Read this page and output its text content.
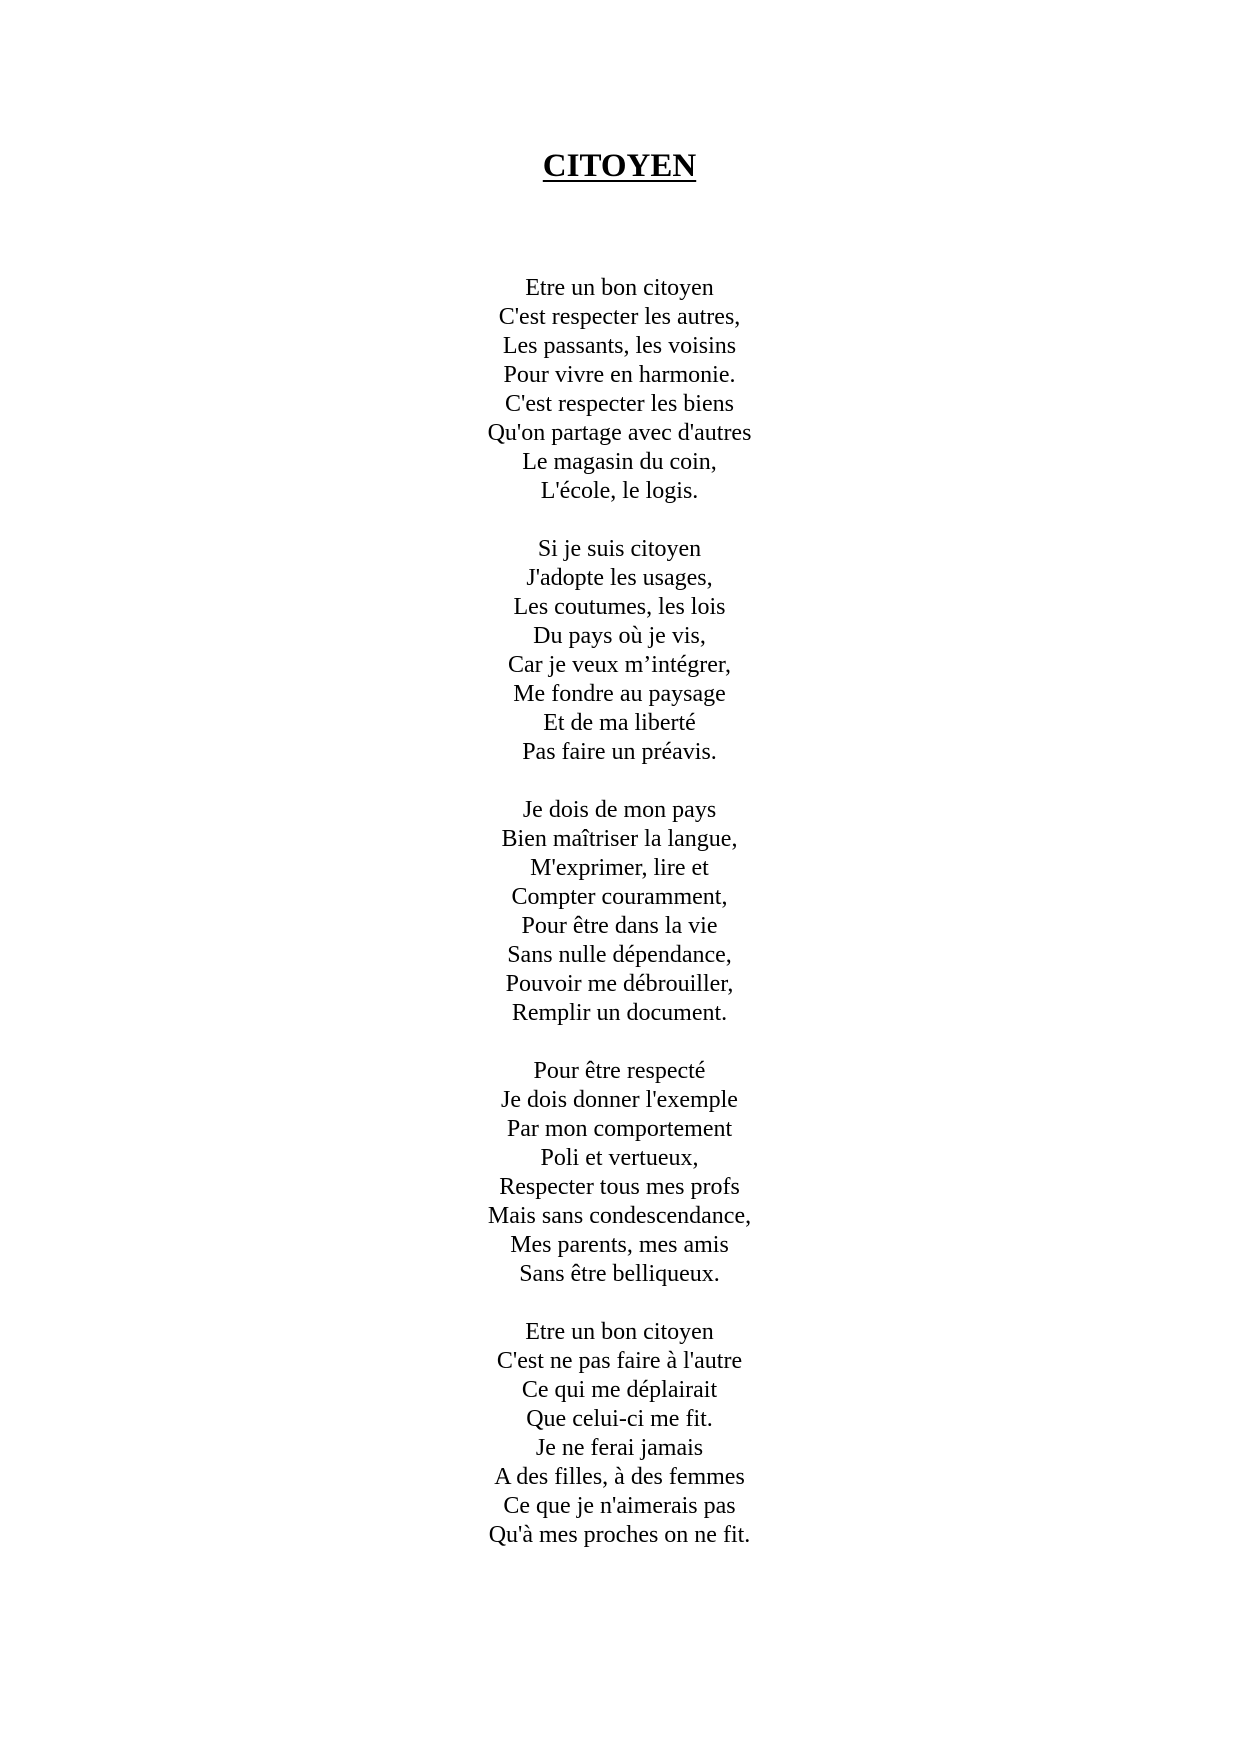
CITOYEN
Etre un bon citoyen
C'est respecter les autres,
Les passants, les voisins
Pour vivre en harmonie.
C'est respecter les biens
Qu'on partage avec d'autres
Le magasin du coin,
L'école, le logis.
Si je suis citoyen
J'adopte les usages,
Les coutumes, les lois
Du pays où je vis,
Car je veux m’intégrer,
Me fondre au paysage
Et de ma liberté
Pas faire un préavis.
Je dois de mon pays
Bien maîtriser la langue,
M'exprimer, lire et
Compter couramment,
Pour être dans la vie
Sans nulle dépendance,
Pouvoir me débrouiller,
Remplir un document.
Pour être respecté
Je dois donner l'exemple
Par mon comportement
Poli et vertueux,
Respecter tous mes profs
Mais sans condescendance,
Mes parents, mes amis
Sans être belliqueux.
Etre un bon citoyen
C'est ne pas faire à l'autre
Ce qui me déplairait
Que celui-ci me fit.
Je ne ferai jamais
A des filles, à des femmes
Ce que je n'aimerais pas
Qu'à mes proches on ne fit.
